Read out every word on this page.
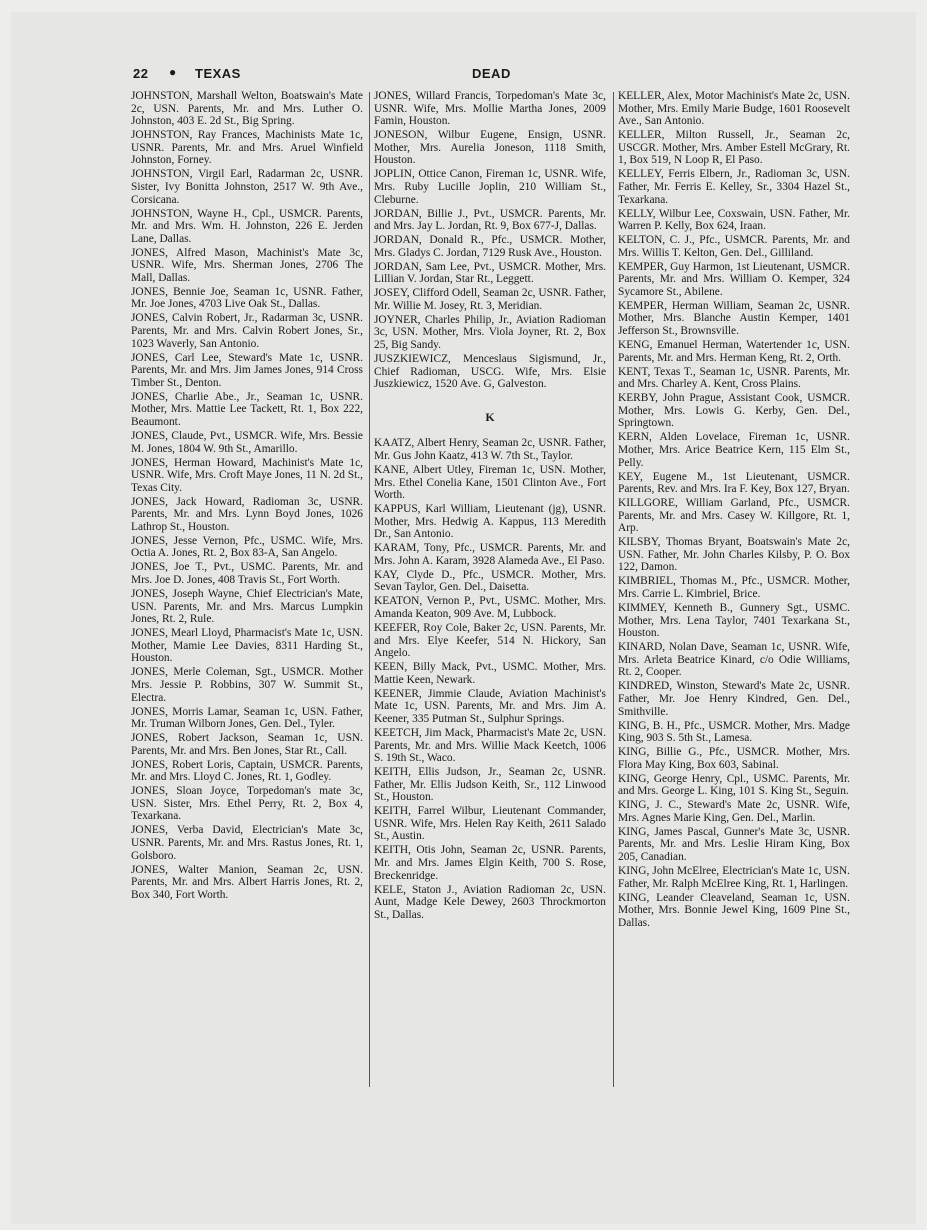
22 ● TEXAS	DEAD
JOHNSTON, Marshall Welton, Boatswain's Mate 2c, USN. Parents, Mr. and Mrs. Luther O. Johnston, 403 E. 2d St., Big Spring.
JOHNSTON, Ray Frances, Machinists Mate 1c, USNR. Parents, Mr. and Mrs. Aruel Winfield Johnston, Forney.
JOHNSTON, Virgil Earl, Radarman 2c, USNR. Sister, Ivy Bonitta Johnston, 2517 W. 9th Ave., Corsicana.
JOHNSTON, Wayne H., Cpl., USMCR. Parents, Mr. and Mrs. Wm. H. Johnston, 226 E. Jerden Lane, Dallas.
JONES, Alfred Mason, Machinist's Mate 3c, USNR. Wife, Mrs. Sherman Jones, 2706 The Mall, Dallas.
JONES, Bennie Joe, Seaman 1c, USNR. Father, Mr. Joe Jones, 4703 Live Oak St., Dallas.
JONES, Calvin Robert, Jr., Radarman 3c, USNR. Parents, Mr. and Mrs. Calvin Robert Jones, Sr., 1023 Waverly, San Antonio.
JONES, Carl Lee, Steward's Mate 1c, USNR. Parents, Mr. and Mrs. Jim James Jones, 914 Cross Timber St., Denton.
JONES, Charlie Abe., Jr., Seaman 1c, USNR. Mother, Mrs. Mattie Lee Tackett, Rt. 1, Box 222, Beaumont.
JONES, Claude, Pvt., USMCR. Wife, Mrs. Bessie M. Jones, 1804 W. 9th St., Amarillo.
JONES, Herman Howard, Machinist's Mate 1c, USNR. Wife, Mrs. Croft Maye Jones, 11 N. 2d St., Texas City.
JONES, Jack Howard, Radioman 3c, USNR. Parents, Mr. and Mrs. Lynn Boyd Jones, 1026 Lathrop St., Houston.
JONES, Jesse Vernon, Pfc., USMC. Wife, Mrs. Octia A. Jones, Rt. 2, Box 83-A, San Angelo.
JONES, Joe T., Pvt., USMC. Parents, Mr. and Mrs. Joe D. Jones, 408 Travis St., Fort Worth.
JONES, Joseph Wayne, Chief Electrician's Mate, USN. Parents, Mr. and Mrs. Marcus Lumpkin Jones, Rt. 2, Rule.
JONES, Mearl Lloyd, Pharmacist's Mate 1c, USN. Mother, Mamie Lee Davies, 8311 Harding St., Houston.
JONES, Merle Coleman, Sgt., USMCR. Mother Mrs. Jessie P. Robbins, 307 W. Summit St., Electra.
JONES, Morris Lamar, Seaman 1c, USN. Father, Mr. Truman Wilborn Jones, Gen. Del., Tyler.
JONES, Robert Jackson, Seaman 1c, USN. Parents, Mr. and Mrs. Ben Jones, Star Rt., Call.
JONES, Robert Loris, Captain, USMCR. Parents, Mr. and Mrs. Lloyd C. Jones, Rt. 1, Godley.
JONES, Sloan Joyce, Torpedoman's mate 3c, USN. Sister, Mrs. Ethel Perry, Rt. 2, Box 4, Texarkana.
JONES, Verba David, Electrician's Mate 3c, USNR. Parents, Mr. and Mrs. Rastus Jones, Rt. 1, Golsboro.
JONES, Walter Manion, Seaman 2c, USN. Parents, Mr. and Mrs. Albert Harris Jones, Rt. 2, Box 340, Fort Worth.
JONES, Willard Francis, Torpedoman's Mate 3c, USNR. Wife, Mrs. Mollie Martha Jones, 2009 Famin, Houston.
JONESON, Wilbur Eugene, Ensign, USNR. Mother, Mrs. Aurelia Joneson, 1118 Smith, Houston.
JOPLIN, Ottice Canon, Fireman 1c, USNR. Wife, Mrs. Ruby Lucille Joplin, 210 William St., Cleburne.
JORDAN, Billie J., Pvt., USMCR. Parents, Mr. and Mrs. Jay L. Jordan, Rt. 9, Box 677-J, Dallas.
JORDAN, Donald R., Pfc., USMCR. Mother, Mrs. Gladys C. Jordan, 7129 Rusk Ave., Houston.
JORDAN, Sam Lee, Pvt., USMCR. Mother, Mrs. Lillian V. Jordan, Star Rt., Leggett.
JOSEY, Clifford Odell, Seaman 2c, USNR. Father, Mr. Willie M. Josey, Rt. 3, Meridian.
JOYNER, Charles Philip, Jr., Aviation Radioman 3c, USN. Mother, Mrs. Viola Joyner, Rt. 2, Box 25, Big Sandy.
JUSZKIEWICZ, Menceslaus Sigismund, Jr., Chief Radioman, USCG. Wife, Mrs. Elsie Juszkiewicz, 1520 Ave. G, Galveston.
K
KAATZ, Albert Henry, Seaman 2c, USNR. Father, Mr. Gus John Kaatz, 413 W. 7th St., Taylor.
KANE, Albert Utley, Fireman 1c, USN. Mother, Mrs. Ethel Conelia Kane, 1501 Clinton Ave., Fort Worth.
KAPPUS, Karl William, Lieutenant (jg), USNR. Mother, Mrs. Hedwig A. Kappus, 113 Meredith Dr., San Antonio.
KARAM, Tony, Pfc., USMCR. Parents, Mr. and Mrs. John A. Karam, 3928 Alameda Ave., El Paso.
KAY, Clyde D., Pfc., USMCR. Mother, Mrs. Sevan Taylor, Gen. Del., Daisetta.
KEATON, Vernon P., Pvt., USMC. Mother, Mrs. Amanda Keaton, 909 Ave. M, Lubbock.
KEEFER, Roy Cole, Baker 2c, USN. Parents, Mr. and Mrs. Elye Keefer, 514 N. Hickory, San Angelo.
KEEN, Billy Mack, Pvt., USMC. Mother, Mrs. Mattie Keen, Newark.
KEENER, Jimmie Claude, Aviation Machinist's Mate 1c, USN. Parents, Mr. and Mrs. Jim A. Keener, 335 Putman St., Sulphur Springs.
KEETCH, Jim Mack, Pharmacist's Mate 2c, USN. Parents, Mr. and Mrs. Willie Mack Keetch, 1006 S. 19th St., Waco.
KEITH, Ellis Judson, Jr., Seaman 2c, USNR. Father, Mr. Ellis Judson Keith, Sr., 112 Linwood St., Houston.
KEITH, Farrel Wilbur, Lieutenant Commander, USNR. Wife, Mrs. Helen Ray Keith, 2611 Salado St., Austin.
KEITH, Otis John, Seaman 2c, USNR. Parents, Mr. and Mrs. James Elgin Keith, 700 S. Rose, Breckenridge.
KELE, Staton J., Aviation Radioman 2c, USN. Aunt, Madge Kele Dewey, 2603 Throckmorton St., Dallas.
KELLER, Alex, Motor Machinist's Mate 2c, USN. Mother, Mrs. Emily Marie Budge, 1601 Roosevelt Ave., San Antonio.
KELLER, Milton Russell, Jr., Seaman 2c, USCGR. Mother, Mrs. Amber Estell McGrary, Rt. 1, Box 519, N Loop R, El Paso.
KELLEY, Ferris Elbern, Jr., Radioman 3c, USN. Father, Mr. Ferris E. Kelley, Sr., 3304 Hazel St., Texarkana.
KELLY, Wilbur Lee, Coxswain, USN. Father, Mr. Warren P. Kelly, Box 624, Iraan.
KELTON, C. J., Pfc., USMCR. Parents, Mr. and Mrs. Willis T. Kelton, Gen. Del., Gilliland.
KEMPER, Guy Harmon, 1st Lieutenant, USMCR. Parents, Mr. and Mrs. William O. Kemper, 324 Sycamore St., Abilene.
KEMPER, Herman William, Seaman 2c, USNR. Mother, Mrs. Blanche Austin Kemper, 1401 Jefferson St., Brownsville.
KENG, Emanuel Herman, Watertender 1c, USN. Parents, Mr. and Mrs. Herman Keng, Rt. 2, Orth.
KENT, Texas T., Seaman 1c, USNR. Parents, Mr. and Mrs. Charley A. Kent, Cross Plains.
KERBY, John Prague, Assistant Cook, USMCR. Mother, Mrs. Lowis G. Kerby, Gen. Del., Springtown.
KERN, Alden Lovelace, Fireman 1c, USNR. Mother, Mrs. Arice Beatrice Kern, 115 Elm St., Pelly.
KEY, Eugene M., 1st Lieutenant, USMCR. Parents, Rev. and Mrs. Ira F. Key, Box 127, Bryan.
KILLGORE, William Garland, Pfc., USMCR. Parents, Mr. and Mrs. Casey W. Killgore, Rt. 1, Arp.
KILSBY, Thomas Bryant, Boatswain's Mate 2c, USN. Father, Mr. John Charles Kilsby, P. O. Box 122, Damon.
KIMBRIEL, Thomas M., Pfc., USMCR. Mother, Mrs. Carrie L. Kimbriel, Brice.
KIMMEY, Kenneth B., Gunnery Sgt., USMC. Mother, Mrs. Lena Taylor, 7401 Texarkana St., Houston.
KINARD, Nolan Dave, Seaman 1c, USNR. Wife, Mrs. Arleta Beatrice Kinard, c/o Odie Williams, Rt. 2, Cooper.
KINDRED, Winston, Steward's Mate 2c, USNR. Father, Mr. Joe Henry Kindred, Gen. Del., Smithville.
KING, B. H., Pfc., USMCR. Mother, Mrs. Madge King, 903 S. 5th St., Lamesa.
KING, Billie G., Pfc., USMCR. Mother, Mrs. Flora May King, Box 603, Sabinal.
KING, George Henry, Cpl., USMC. Parents, Mr. and Mrs. George L. King, 101 S. King St., Seguin.
KING, J. C., Steward's Mate 2c, USNR. Wife, Mrs. Agnes Marie King, Gen. Del., Marlin.
KING, James Pascal, Gunner's Mate 3c, USNR. Parents, Mr. and Mrs. Leslie Hiram King, Box 205, Canadian.
KING, John McElree, Electrician's Mate 1c, USN. Father, Mr. Ralph McElree King, Rt. 1, Harlingen.
KING, Leander Cleaveland, Seaman 1c, USN. Mother, Mrs. Bonnie Jewel King, 1609 Pine St., Dallas.
